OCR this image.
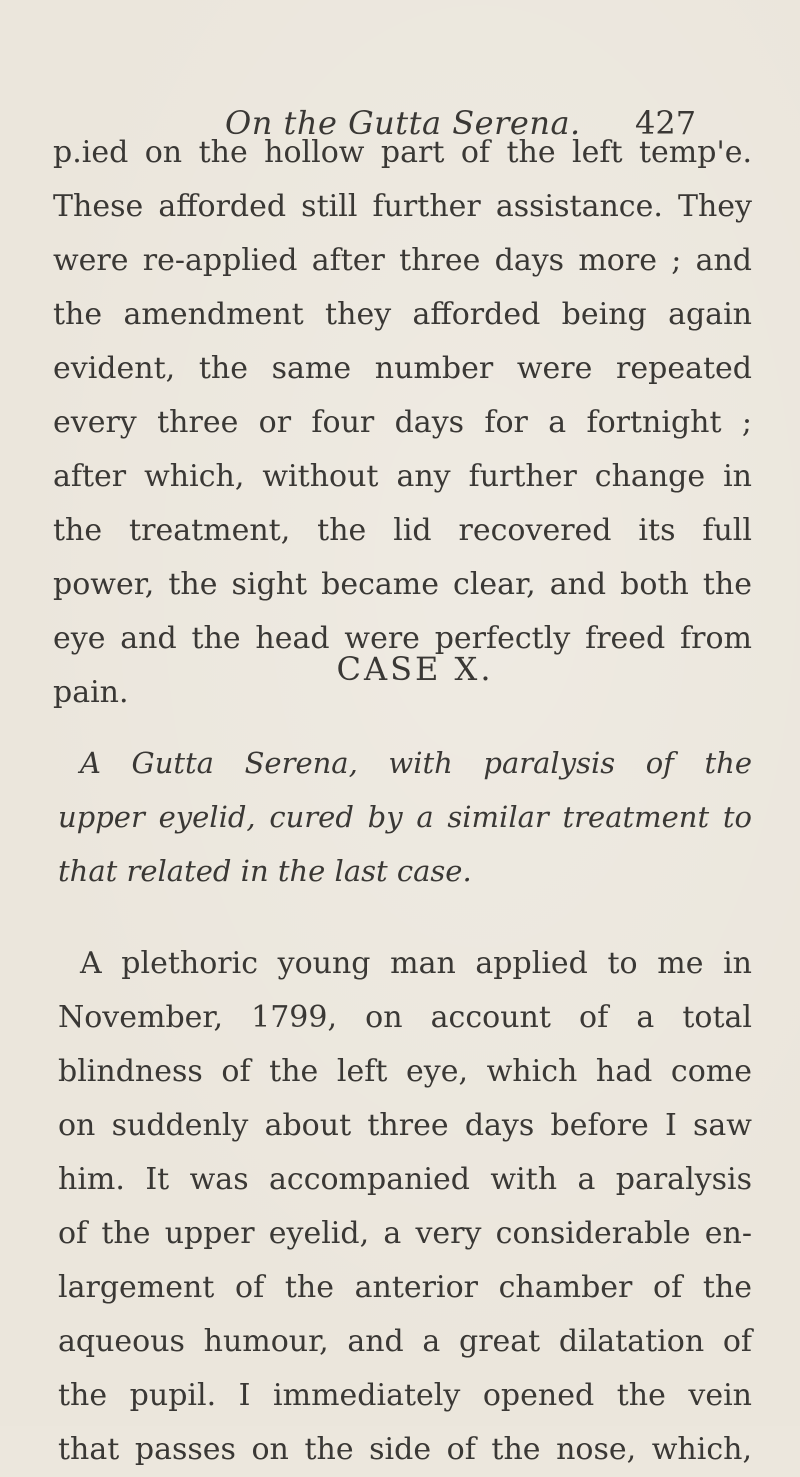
On the Gutta Serena. 427
p.ied on the hollow part of the left temp'e.
These afforded still further assistance. They
were re-applied after three days more ; and
the amendment they afforded being again
evident, the same number were repeated
every three or four days for a fortnight ;
after which, without any further change in
the treatment, the lid recovered its full
power, the sight became clear, and both the
eye and the head were perfectly freed from
pain.
CASE X.
A Gutta Serena, with paralysis of the
upper eyelid, cured by a similar treatment to
that related in the last case.
A plethoric young man applied to me in
November, 1799, on account of a total
blindness of the left eye, which had come
on suddenly about three days before I saw
him. It was accompanied with a paralysis
of the upper eyelid, a very considerable en-
largement of the anterior chamber of the
aqueous humour, and a great dilatation of
the pupil. I immediately opened the vein
that passes on the side of the nose, which,
